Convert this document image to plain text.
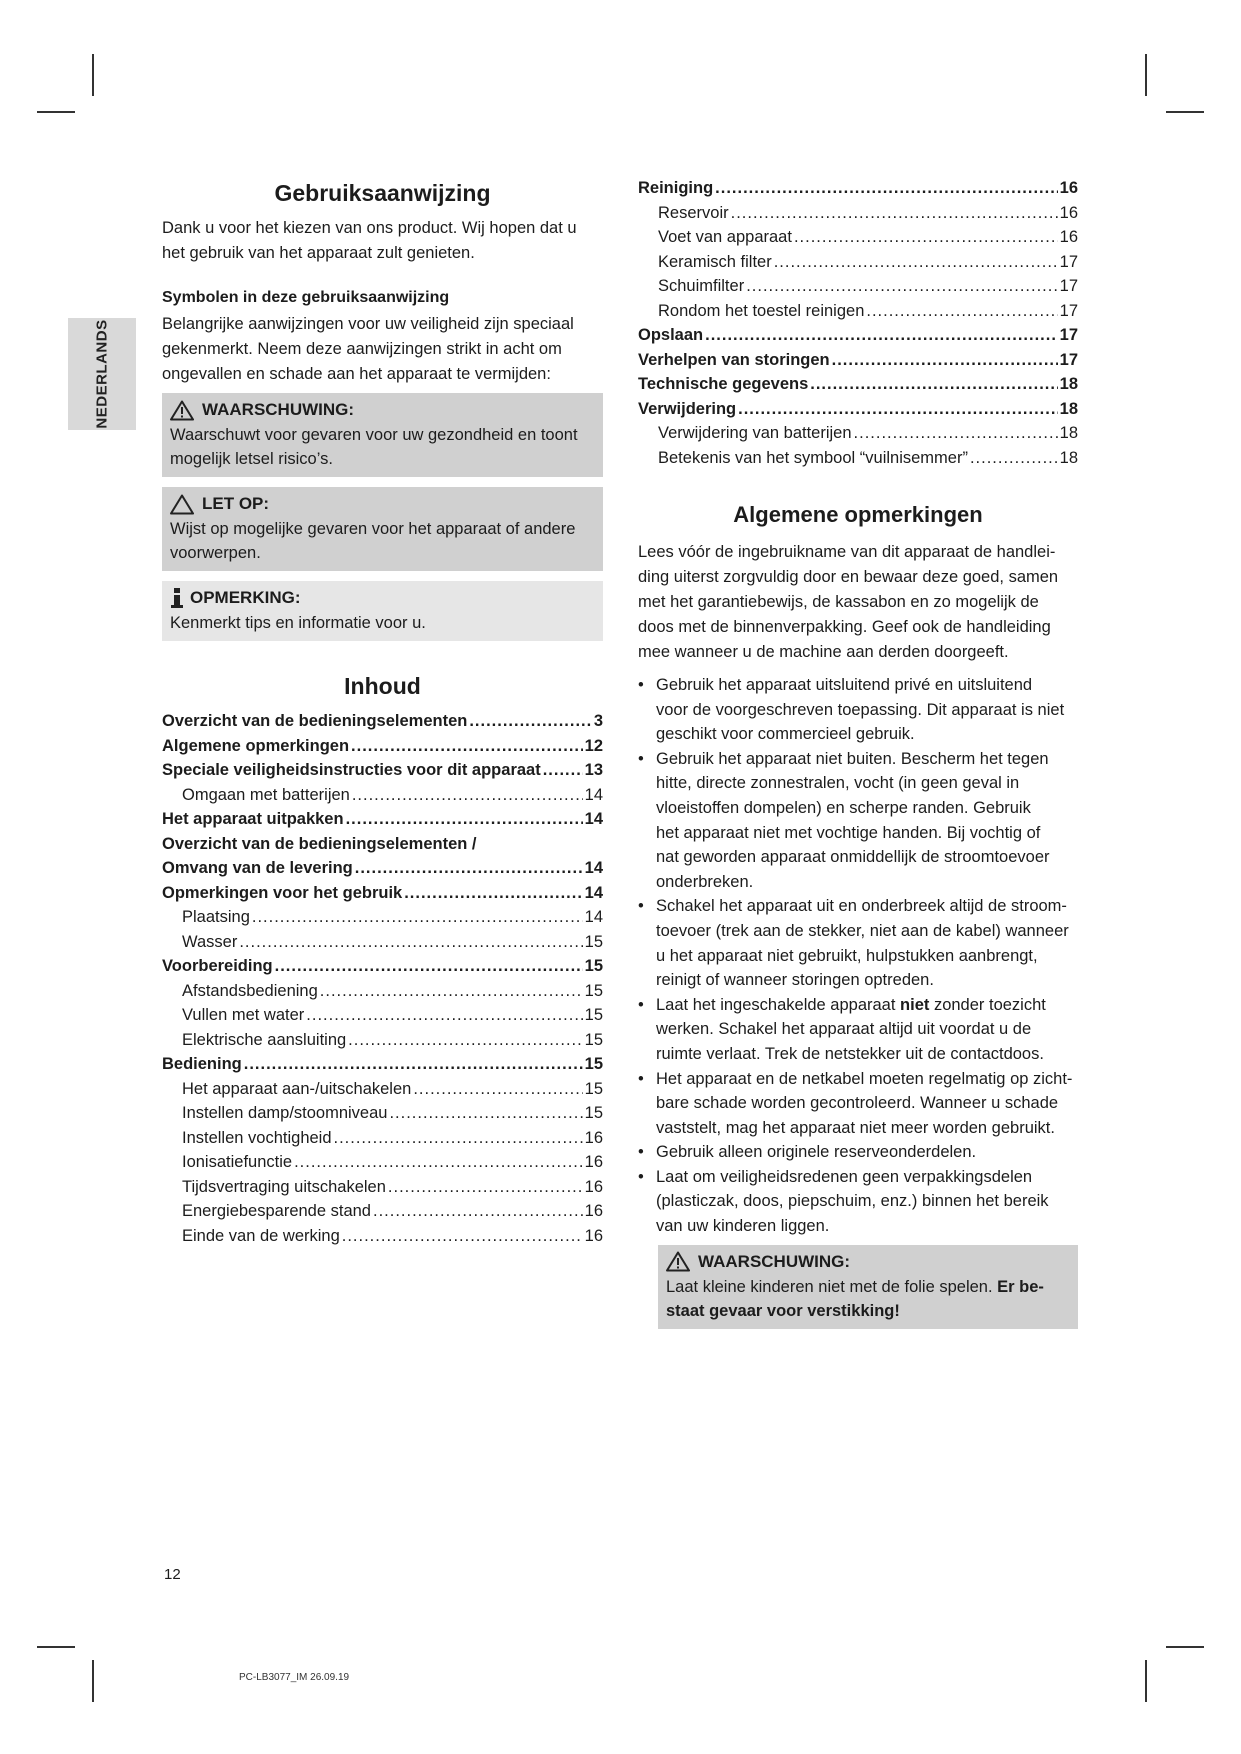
NEDERLANDS
Gebruiksaanwijzing

Dank u voor het kiezen van ons product. Wij hopen dat u

het gebruik van het apparaat zult genieten.

Symbolen in deze gebruiksaanwijzing

Belangrijke aanwijzingen voor uw veiligheid zijn speciaal

gekenmerkt. Neem deze aanwijzingen strikt in acht om

ongevallen en schade aan het apparaat te vermijden:

WAARSCHUWING:
Waarschuwt voor gevaren voor uw gezondheid en toont
mogelijk letsel risico’s.
LET OP:
Wijst op mogelijke gevaren voor het apparaat of andere
voorwerpen.
OPMERKING:
Kenmerkt tips en informatie voor u.
Inhoud
Overzicht van de bedieningselementen .....	3
Algemene opmerkingen .....	12
Speciale veiligheidsinstructies voor dit apparaat .....	13
Omgaan met batterijen .....	14
Het apparaat uitpakken .....	14
Overzicht van de bedieningselementen /
Omvang van de levering .....	14
Opmerkingen voor het gebruik .....	14
Plaatsing .....	14
Wasser .....	15
Voorbereiding .....	15
Afstandsbediening .....	15
Vullen met water .....	15
Elektrische aansluiting .....	15
Bediening .....	15
Het apparaat aan-/uitschakelen .....	15
Instellen damp/stoomniveau .....	15
Instellen vochtigheid .....	16
Ionisatiefunctie .....	16
Tijdsvertraging uitschakelen .....	16
Energiebesparende stand .....	16
Einde van de werking .....	16
Reiniging .....	16
Reservoir .....	16
Voet van apparaat .....	16
Keramisch filter .....	17
Schuimfilter .....	17
Rondom het toestel reinigen .....	17
Opslaan .....	17
Verhelpen van storingen .....	17
Technische gegevens .....	18
Verwijdering .....	18
Verwijdering van batterijen .....	18
Betekenis van het symbool “vuilnisemmer” .....	18
Algemene opmerkingen

Lees vóór de ingebruikname van dit apparaat de handlei-

ding uiterst zorgvuldig door en bewaar deze goed, samen

met het garantiebewijs, de kassabon en zo mogelijk de

doos met de binnenverpakking. Geef ook de handleiding

mee wanneer u de machine aan derden doorgeeft.

• Gebruik het apparaat uitsluitend privé en uitsluitend
voor de voorgeschreven toepassing. Dit apparaat is niet
geschikt voor commercieel gebruik.
• Gebruik het apparaat niet buiten. Bescherm het tegen
hitte, directe zonnestralen, vocht (in geen geval in
vloeistoffen dompelen) en scherpe randen. Gebruik
het apparaat niet met vochtige handen. Bij vochtig of
nat geworden apparaat onmiddellijk de stroomtoevoer
onderbreken.
• Schakel het apparaat uit en onderbreek altijd de stroom-
toevoer (trek aan de stekker, niet aan de kabel) wanneer
u het apparaat niet gebruikt, hulpstukken aanbrengt,
reinigt of wanneer storingen optreden.
• Laat het ingeschakelde apparaat niet zonder toezicht
werken. Schakel het apparaat altijd uit voordat u de
ruimte verlaat. Trek de netstekker uit de contactdoos.
• Het apparaat en de netkabel moeten regelmatig op zicht-
bare schade worden gecontroleerd. Wanneer u schade
vaststelt, mag het apparaat niet meer worden gebruikt.
• Gebruik alleen originele reserveonderdelen.
• Laat om veiligheidsredenen geen verpakkingsdelen
(plasticzak, doos, piepschuim, enz.) binnen het bereik
van uw kinderen liggen.
WAARSCHUWING:
Laat kleine kinderen niet met de folie spelen. Er be-
staat gevaar voor verstikking!
12
PC-LB3077_IM 26.09.19
